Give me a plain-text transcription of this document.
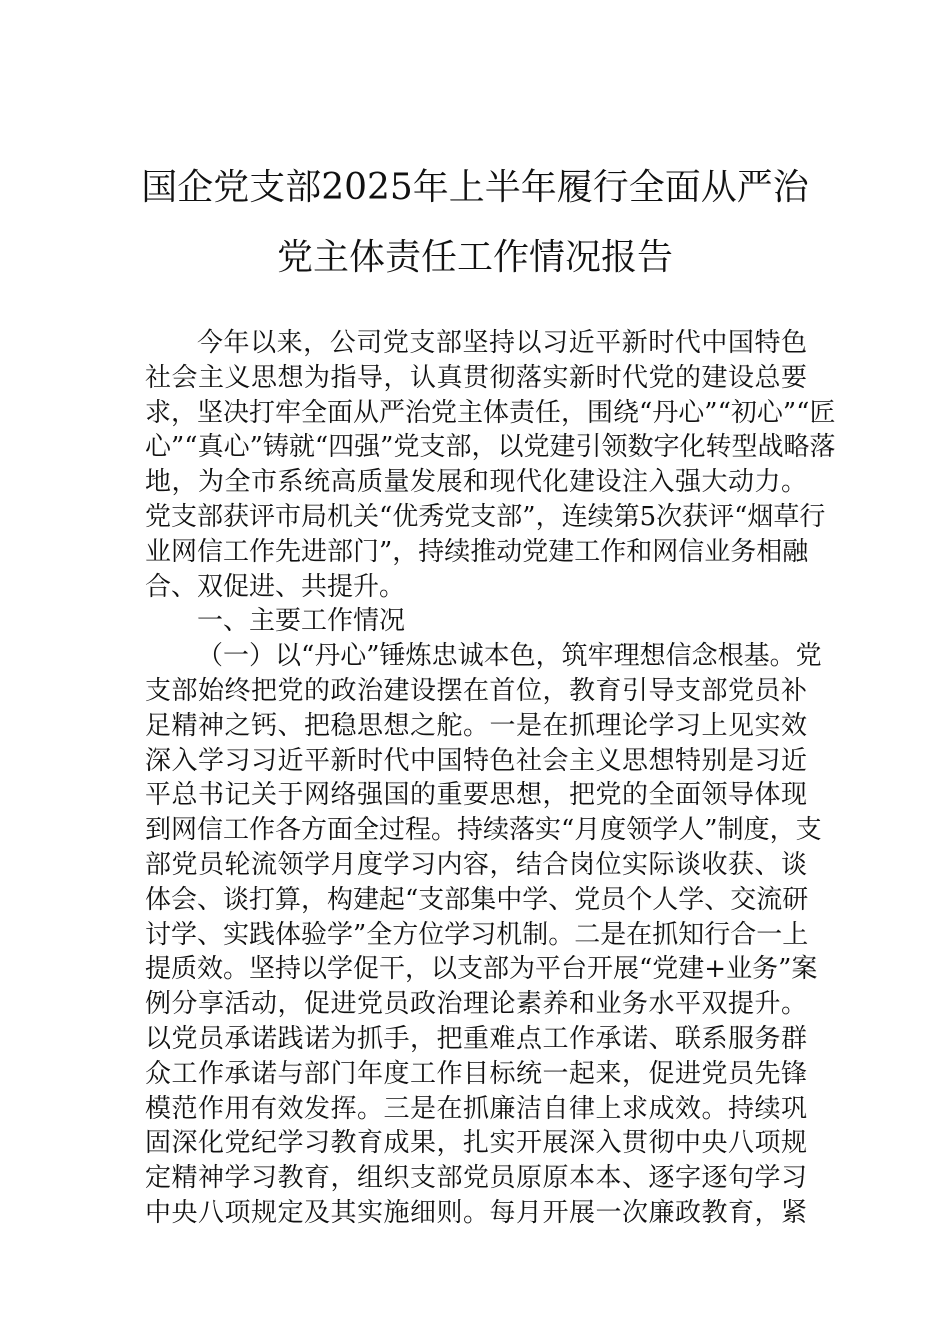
国企党支部2025年上半年履行全面从严治
党主体责任工作情况报告
今年以来，公司党支部坚持以习近平新时代中国特色
社会主义思想为指导，认真贯彻落实新时代党的建设总要
求，坚决打牢全面从严治党主体责任，围绕“丹心”“初心”“匠
心”“真心”铸就“四强”党支部，以党建引领数字化转型战略落
地，为全市系统高质量发展和现代化建设注入强大动力。
党支部获评市局机关“优秀党支部”，连续第5次获评“烟草行
业网信工作先进部门”，持续推动党建工作和网信业务相融
合、双促进、共提升。
一、主要工作情况
（一）以“丹心”锤炼忠诚本色，筑牢理想信念根基。党
支部始终把党的政治建设摆在首位，教育引导支部党员补
足精神之钙、把稳思想之舵。一是在抓理论学习上见实效
深入学习习近平新时代中国特色社会主义思想特别是习近
平总书记关于网络强国的重要思想，把党的全面领导体现
到网信工作各方面全过程。持续落实“月度领学人”制度，支
部党员轮流领学月度学习内容，结合岗位实际谈收获、谈
体会、谈打算，构建起“支部集中学、党员个人学、交流研
讨学、实践体验学”全方位学习机制。二是在抓知行合一上
提质效。坚持以学促干，以支部为平台开展“党建+业务”案
例分享活动，促进党员政治理论素养和业务水平双提升。
以党员承诺践诺为抓手，把重难点工作承诺、联系服务群
众工作承诺与部门年度工作目标统一起来，促进党员先锋
模范作用有效发挥。三是在抓廉洁自律上求成效。持续巩
固深化党纪学习教育成果，扎实开展深入贯彻中央八项规
定精神学习教育，组织支部党员原原本本、逐字逐句学习
中央八项规定及其实施细则。每月开展一次廉政教育，紧
